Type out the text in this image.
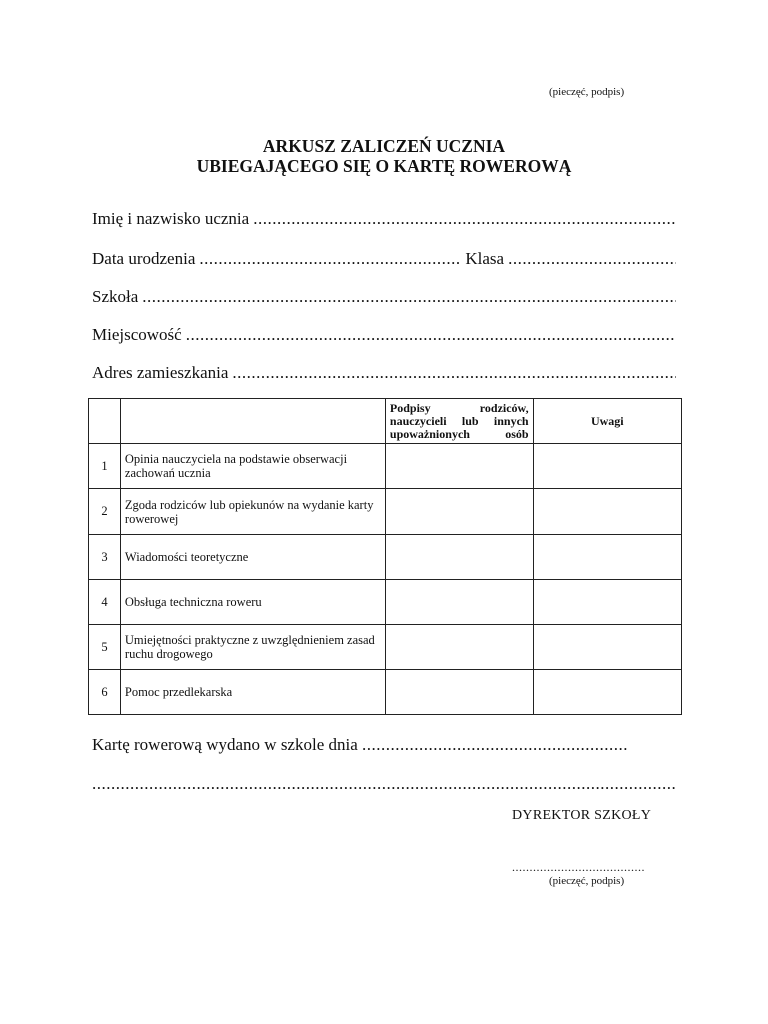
(pieczęć, podpis)
ARKUSZ ZALICZEŃ UCZNIA
UBIEGAJĄCEGO SIĘ O KARTĘ ROWEROWĄ
Imię i nazwisko ucznia
.....
Data urodzenia .....	Klasa
.....
Szkoła
.....
Miejscowość
.....
Adres zamieszkania
.....

		Podpisy rodziców, nauczycieli lub innych upoważnionych osób	Uwagi
1	Opinia nauczyciela na podstawie obserwacji zachowań ucznia		
2	Zgoda rodziców lub opiekunów na wydanie karty rowerowej		
3	Wiadomości teoretyczne		
4	Obsługa techniczna roweru		
5	Umiejętności praktyczne z uwzględnieniem zasad ruchu drogowego		
6	Pomoc przedlekarska		
Kartę rowerową wydano w szkole dnia .....
.....
DYREKTOR SZKOŁY
.....
(pieczęć, podpis)
